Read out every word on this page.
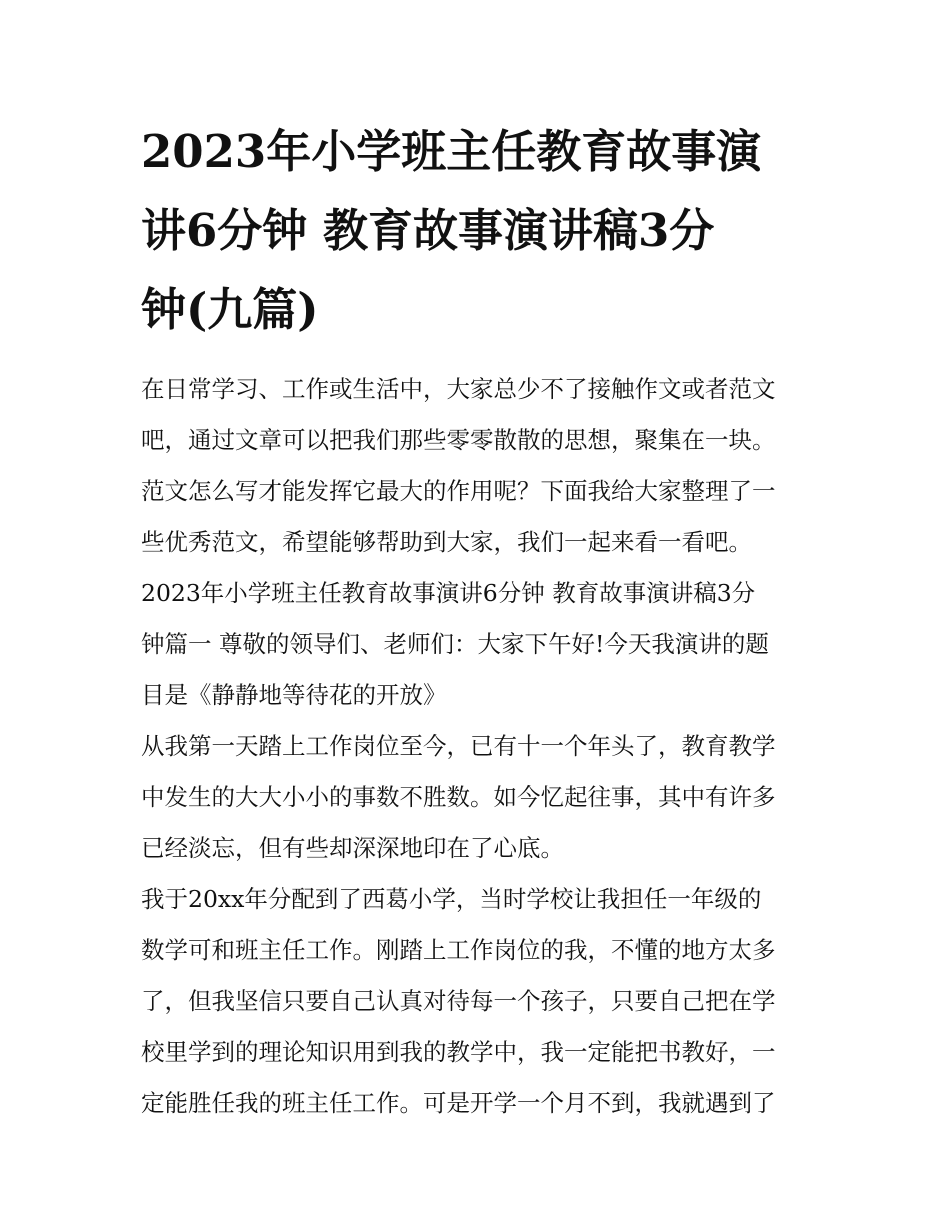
2023年小学班主任教育故事演
讲6分钟 教育故事演讲稿3分
钟(九篇)
在日常学习、工作或生活中，大家总少不了接触作文或者范文
吧，通过文章可以把我们那些零零散散的思想，聚集在一块。
范文怎么写才能发挥它最大的作用呢？下面我给大家整理了一
些优秀范文，希望能够帮助到大家，我们一起来看一看吧。
2023年小学班主任教育故事演讲6分钟 教育故事演讲稿3分
钟篇一 尊敬的领导们、老师们：大家下午好!今天我演讲的题
目是《静静地等待花的开放》
从我第一天踏上工作岗位至今，已有十一个年头了，教育教学
中发生的大大小小的事数不胜数。如今忆起往事，其中有许多
已经淡忘，但有些却深深地印在了心底。
我于20xx年分配到了西葛小学，当时学校让我担任一年级的
数学可和班主任工作。刚踏上工作岗位的我，不懂的地方太多
了，但我坚信只要自己认真对待每一个孩子，只要自己把在学
校里学到的理论知识用到我的教学中，我一定能把书教好，一
定能胜任我的班主任工作。可是开学一个月不到，我就遇到了
